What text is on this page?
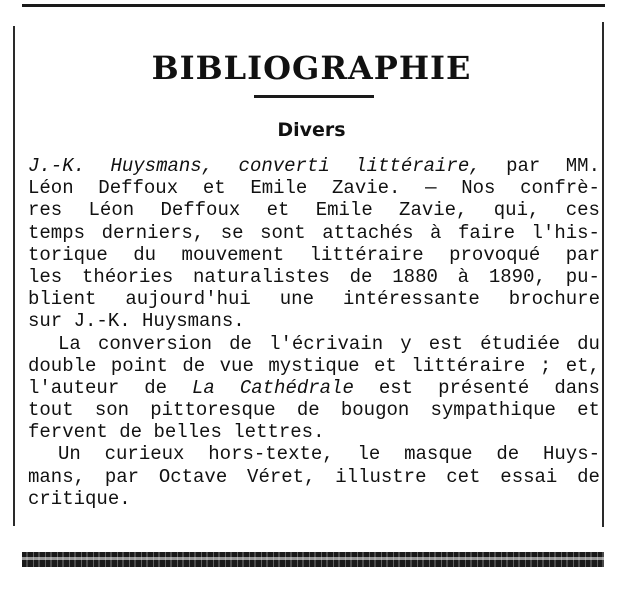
BIBLIOGRAPHIE
Divers
J.-K. Huysmans, converti littéraire, par MM.
Léon Deffoux et Emile Zavie. — Nos confrè-
res Léon Deffoux et Emile Zavie, qui, ces
temps derniers, se sont attachés à faire l'his-
torique du mouvement littéraire provoqué par
les théories naturalistes de 1880 à 1890, pu-
blient aujourd'hui une intéressante brochure
sur J.-K. Huysmans.
La conversion de l'écrivain y est étudiée du
double point de vue mystique et littéraire ; et,
l'auteur de La Cathédrale est présenté dans
tout son pittoresque de bougon sympathique et
fervent de belles lettres.
Un curieux hors-texte, le masque de Huys-
mans, par Octave Véret, illustre cet essai de
critique.
